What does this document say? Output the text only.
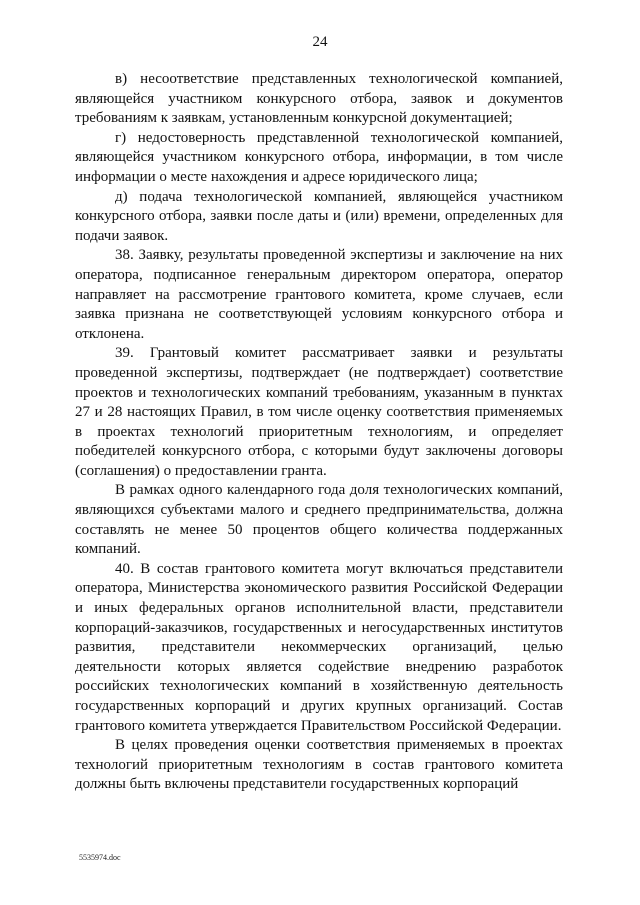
24

в) несоответствие представленных технологической компанией, являющейся участником конкурсного отбора, заявок и документов требованиям к заявкам, установленным конкурсной документацией;

г) недостоверность представленной технологической компанией, являющейся участником конкурсного отбора, информации, в том числе информации о месте нахождения и адресе юридического лица;

д) подача технологической компанией, являющейся участником конкурсного отбора, заявки после даты и (или) времени, определенных для подачи заявок.

38. Заявку, результаты проведенной экспертизы и заключение на них оператора, подписанное генеральным директором оператора, оператор направляет на рассмотрение грантового комитета, кроме случаев, если заявка признана не соответствующей условиям конкурсного отбора и отклонена.

39. Грантовый комитет рассматривает заявки и результаты проведенной экспертизы, подтверждает (не подтверждает) соответствие проектов и технологических компаний требованиям, указанным в пунктах 27 и 28 настоящих Правил, в том числе оценку соответствия применяемых в проектах технологий приоритетным технологиям, и определяет победителей конкурсного отбора, с которыми будут заключены договоры (соглашения) о предоставлении гранта.

В рамках одного календарного года доля технологических компаний, являющихся субъектами малого и среднего предпринимательства, должна составлять не менее 50 процентов общего количества поддержанных компаний.

40. В состав грантового комитета могут включаться представители оператора, Министерства экономического развития Российской Федерации и иных федеральных органов исполнительной власти, представители корпораций-заказчиков, государственных и негосударственных институтов развития, представители некоммерческих организаций, целью деятельности которых является содействие внедрению разработок российских технологических компаний в хозяйственную деятельность государственных корпораций и других крупных организаций. Состав грантового комитета утверждается Правительством Российской Федерации.

В целях проведения оценки соответствия применяемых в проектах технологий приоритетным технологиям в состав грантового комитета должны быть включены представители государственных корпораций

5535974.doc
